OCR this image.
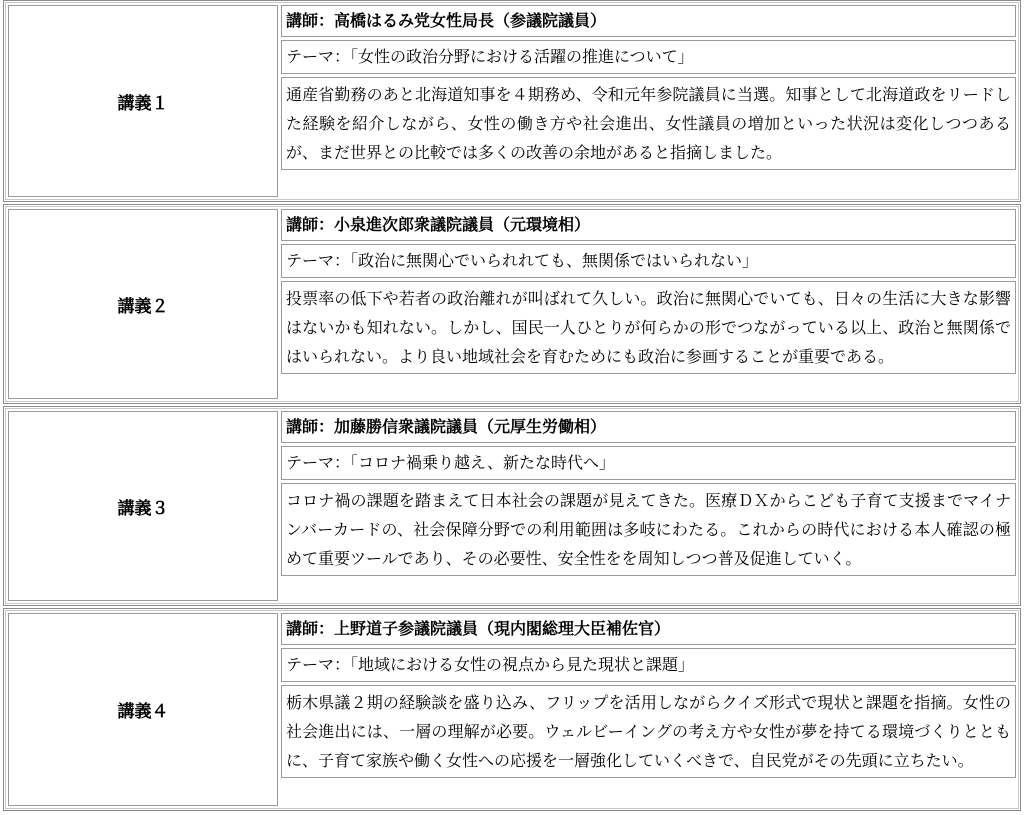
講義１
講師：高橋はるみ党女性局長（参議院議員）
テーマ：「女性の政治分野における活躍の推進について」
通産省勤務のあと北海道知事を４期務め、令和元年参院議員に当選。知事として北海道政をリードした経験を紹介しながら、女性の働き方や社会進出、女性議員の増加といった状況は変化しつつあるが、まだ世界との比較では多くの改善の余地があると指摘しました。
講義２
講師：小泉進次郎衆議院議員（元環境相）
テーマ：「政治に無関心でいられれても、無関係ではいられない」
投票率の低下や若者の政治離れが叫ばれて久しい。政治に無関心でいても、日々の生活に大きな影響はないかも知れない。しかし、国民一人ひとりが何らかの形でつながっている以上、政治と無関係ではいられない。より良い地域社会を育むためにも政治に参画することが重要である。
講義３
講師：加藤勝信衆議院議員（元厚生労働相）
テーマ：「コロナ禍乗り越え、新たな時代へ」
コロナ禍の課題を踏まえて日本社会の課題が見えてきた。医療ＤＸからこども子育て支援までマイナンバーカードの、社会保障分野での利用範囲は多岐にわたる。これからの時代における本人確認の極めて重要ツールであり、その必要性、安全性をを周知しつつ普及促進していく。
講義４
講師：上野道子参議院議員（現内閣総理大臣補佐官）
テーマ：「地域における女性の視点から見た現状と課題」
栃木県議２期の経験談を盛り込み、フリップを活用しながらクイズ形式で現状と課題を指摘。女性の社会進出には、一層の理解が必要。ウェルビーイングの考え方や女性が夢を持てる環境づくりとともに、子育て家族や働く女性への応援を一層強化していくべきで、自民党がその先頭に立ちたい。
